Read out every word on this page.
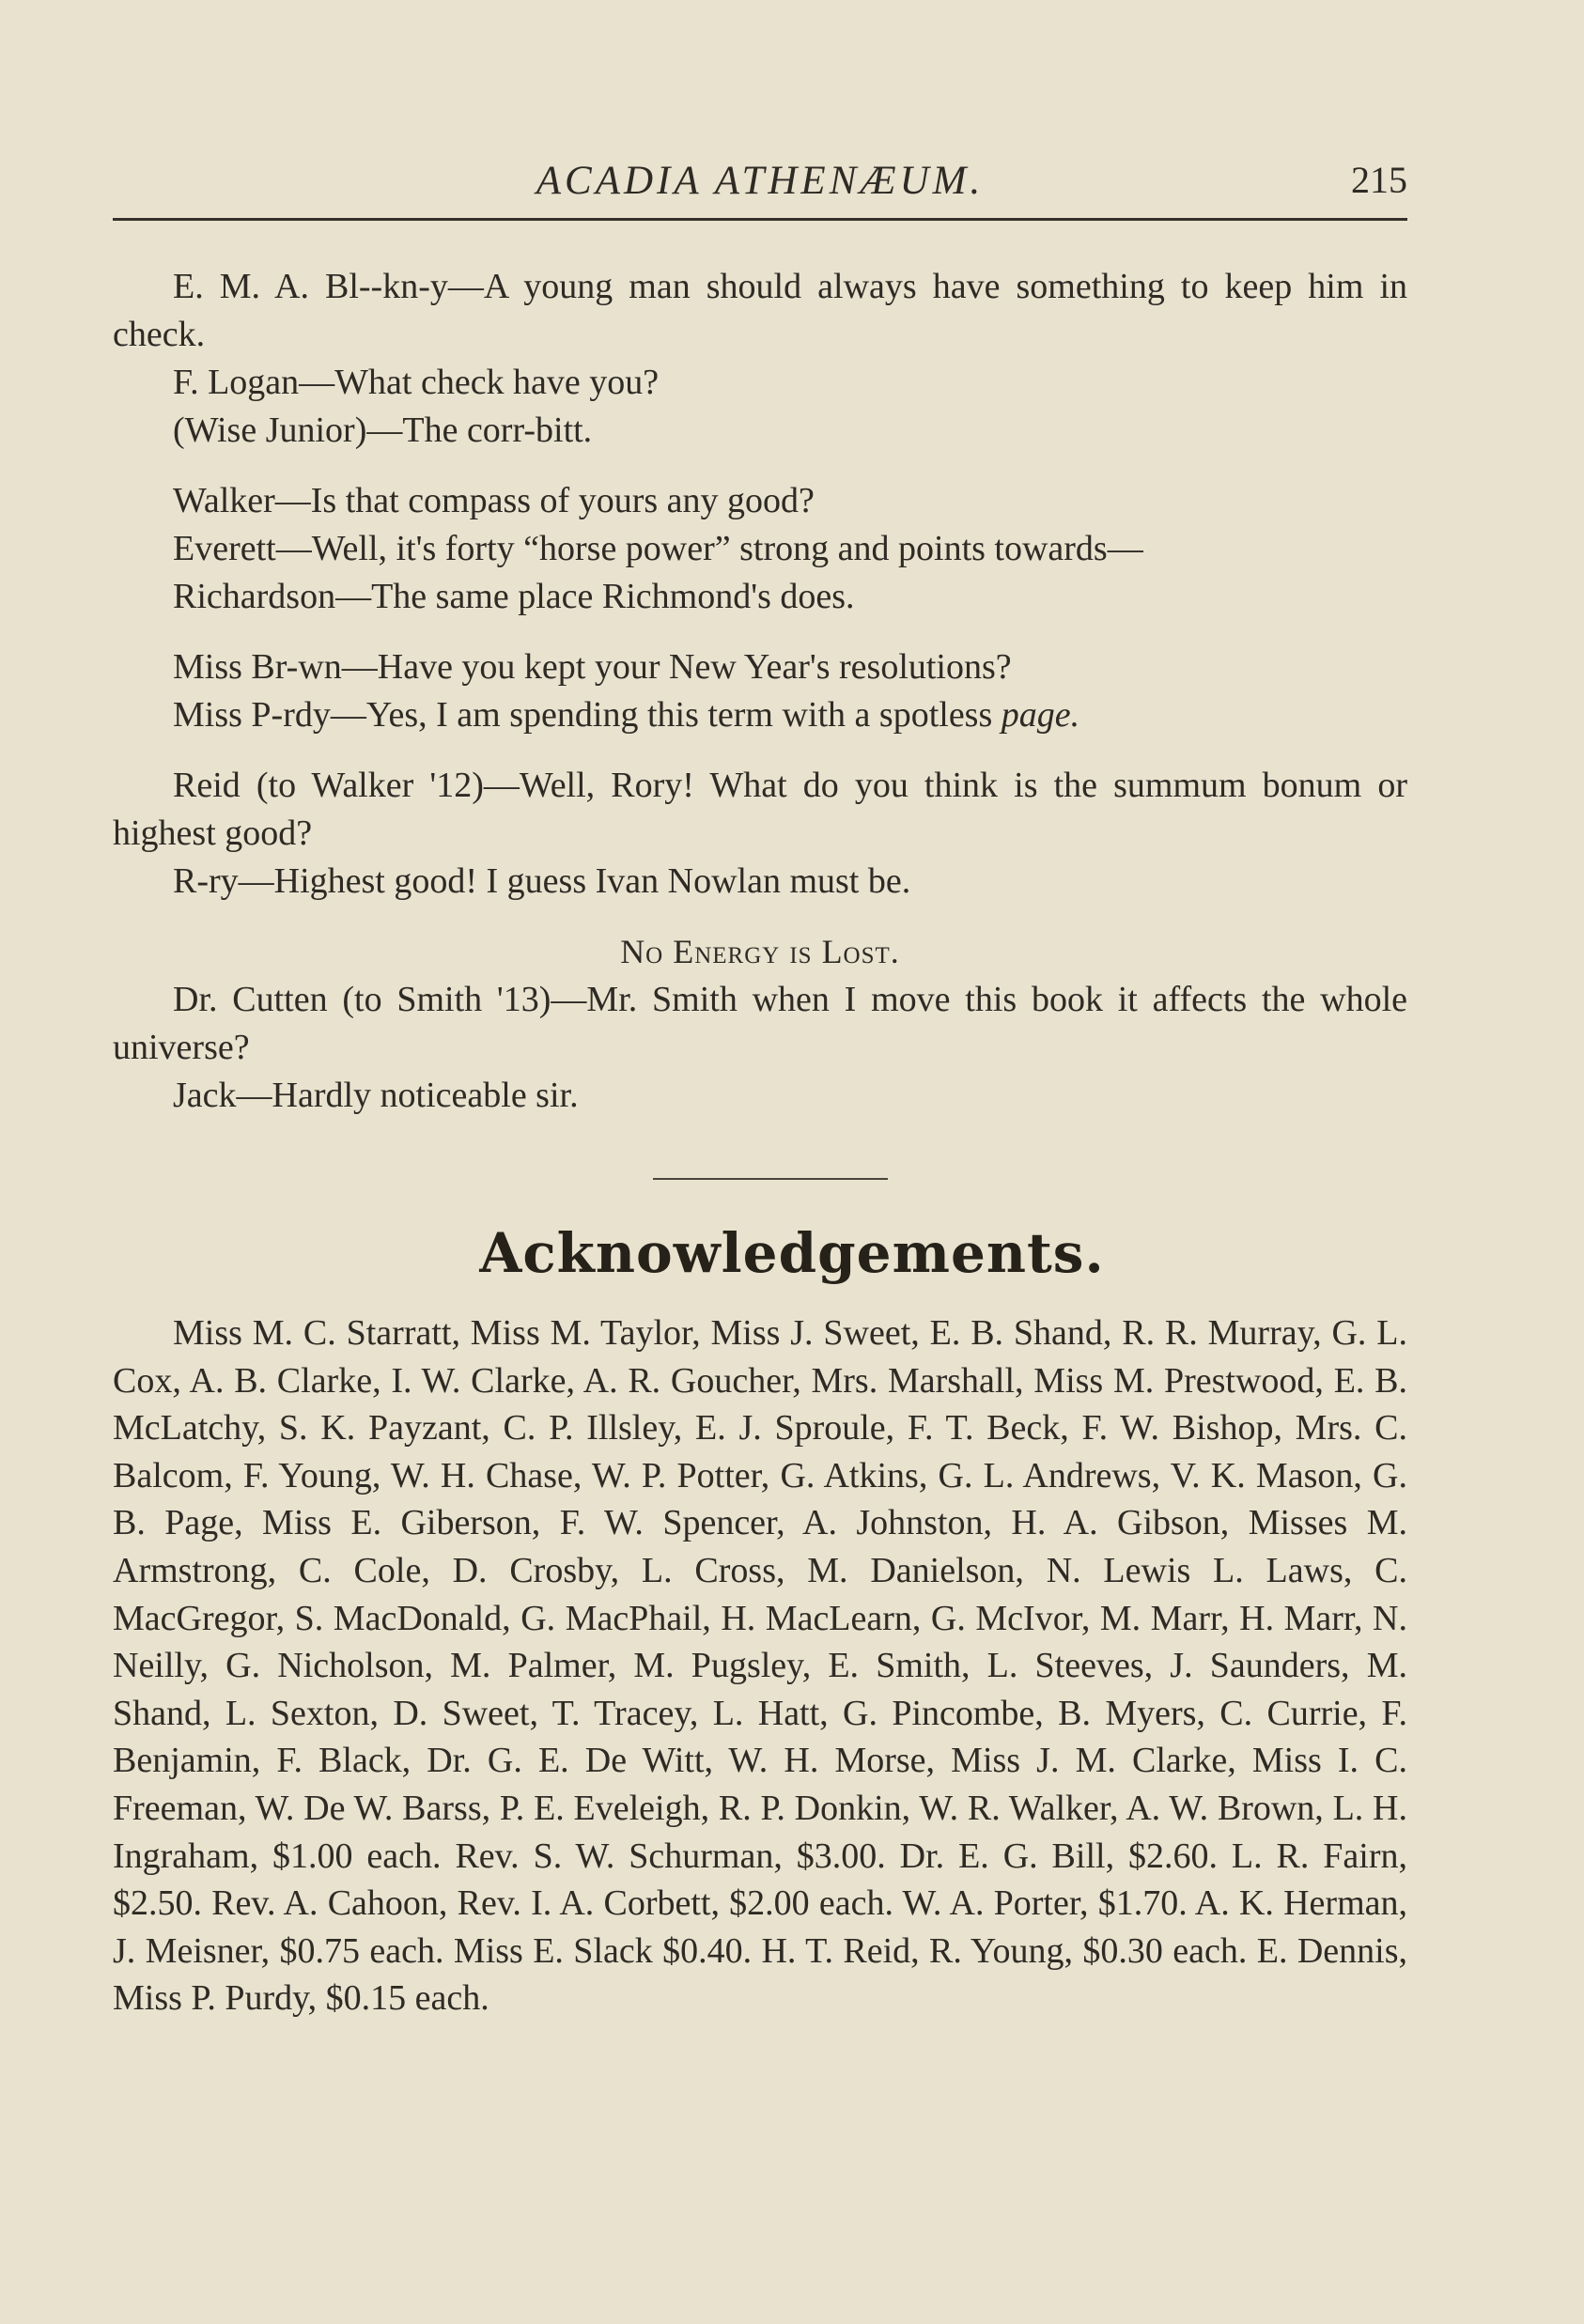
ACADIA ATHENÆUM.	215

E. M. A. Bl--kn-y—A young man should always have something to keep him in check.

F. Logan—What check have you?

(Wise Junior)—The corr-bitt.

Walker—Is that compass of yours any good?

Everett—Well, it's forty “horse power” strong and points towards—

Richardson—The same place Richmond's does.

Miss Br-wn—Have you kept your New Year's resolutions?

Miss P-rdy—Yes, I am spending this term with a spotless page.

Reid (to Walker '12)—Well, Rory! What do you think is the summum bonum or highest good?

R-ry—Highest good! I guess Ivan Nowlan must be.

No Energy is Lost.

Dr. Cutten (to Smith '13)—Mr. Smith when I move this book it affects the whole universe?

Jack—Hardly noticeable sir.

Acknowledgements.

Miss M. C. Starratt, Miss M. Taylor, Miss J. Sweet, E. B. Shand, R. R. Murray, G. L. Cox, A. B. Clarke, I. W. Clarke, A. R. Goucher, Mrs. Marshall, Miss M. Prestwood, E. B. McLatchy, S. K. Payzant, C. P. Illsley, E. J. Sproule, F. T. Beck, F. W. Bishop, Mrs. C. Balcom, F. Young, W. H. Chase, W. P. Potter, G. Atkins, G. L. Andrews, V. K. Mason, G. B. Page, Miss E. Giberson, F. W. Spencer, A. Johnston, H. A. Gibson, Misses M. Armstrong, C. Cole, D. Crosby, L. Cross, M. Danielson, N. Lewis L. Laws, C. MacGregor, S. MacDonald, G. MacPhail, H. MacLearn, G. McIvor, M. Marr, H. Marr, N. Neilly, G. Nicholson, M. Palmer, M. Pugsley, E. Smith, L. Steeves, J. Saunders, M. Shand, L. Sexton, D. Sweet, T. Tracey, L. Hatt, G. Pincombe, B. Myers, C. Currie, F. Benjamin, F. Black, Dr. G. E. De Witt, W. H. Morse, Miss J. M. Clarke, Miss I. C. Freeman, W. De W. Barss, P. E. Eveleigh, R. P. Donkin, W. R. Walker, A. W. Brown, L. H. Ingraham, $1.00 each. Rev. S. W. Schurman, $3.00. Dr. E. G. Bill, $2.60. L. R. Fairn, $2.50. Rev. A. Cahoon, Rev. I. A. Corbett, $2.00 each. W. A. Porter, $1.70. A. K. Herman, J. Meisner, $0.75 each. Miss E. Slack $0.40. H. T. Reid, R. Young, $0.30 each. E. Dennis, Miss P. Purdy, $0.15 each.
